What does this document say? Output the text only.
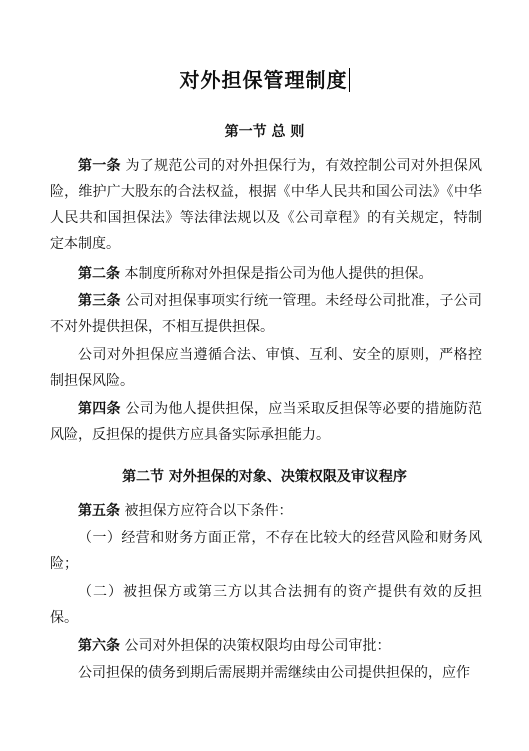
对外担保管理制度
第一节 总 则
第一条 为了规范公司的对外担保行为，有效控制公司对外担保风险，维护广大股东的合法权益，根据《中华人民共和国公司法》《中华人民共和国担保法》等法律法规以及《公司章程》的有关规定，特制定本制度。
第二条 本制度所称对外担保是指公司为他人提供的担保。
第三条 公司对担保事项实行统一管理。未经母公司批准，子公司不对外提供担保，不相互提供担保。
公司对外担保应当遵循合法、审慎、互利、安全的原则，严格控制担保风险。
第四条 公司为他人提供担保，应当采取反担保等必要的措施防范风险，反担保的提供方应具备实际承担能力。
第二节 对外担保的对象、决策权限及审议程序
第五条 被担保方应符合以下条件：
（一）经营和财务方面正常，不存在比较大的经营风险和财务风险；
（二）被担保方或第三方以其合法拥有的资产提供有效的反担保。
第六条 公司对外担保的决策权限均由母公司审批：
公司担保的债务到期后需展期并需继续由公司提供担保的，应作
